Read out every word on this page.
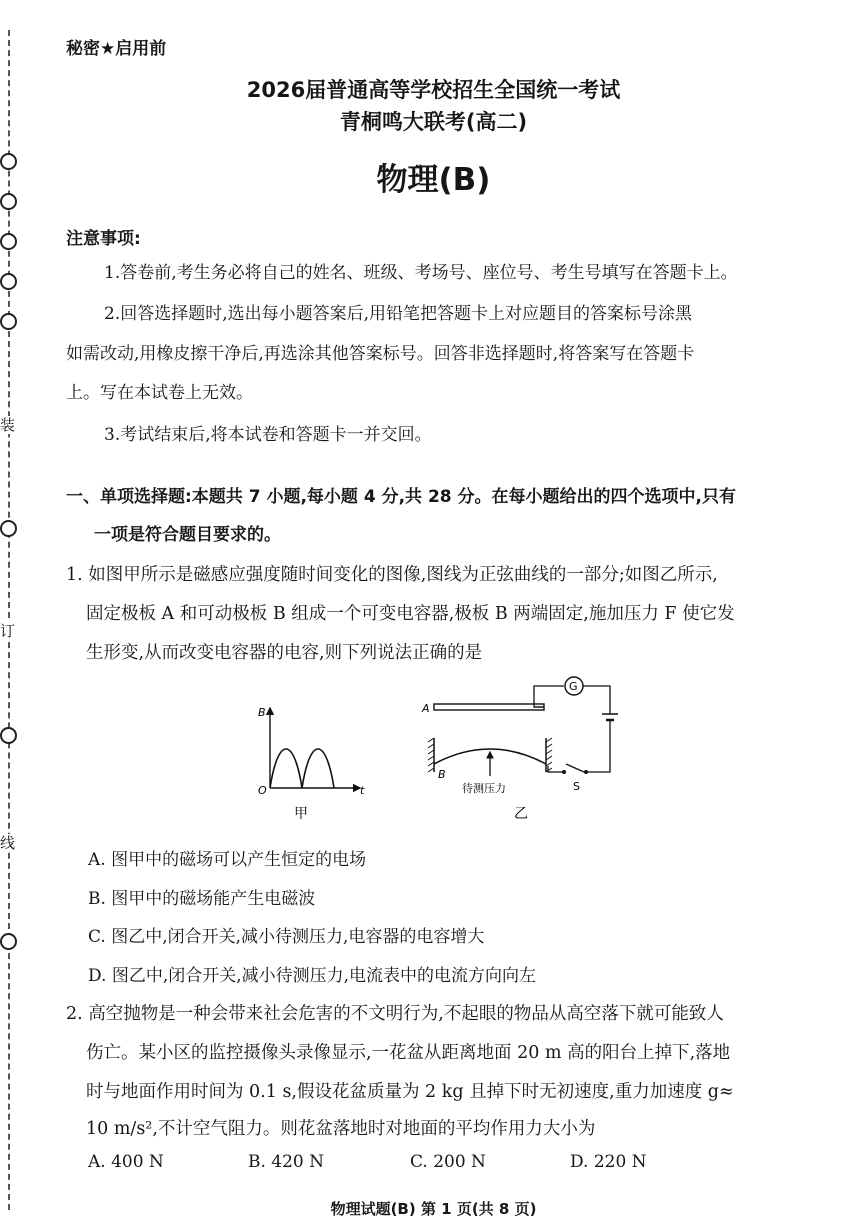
装
订
线
秘密★启用前
2026届普通高等学校招生全国统一考试
青桐鸣大联考(高二)
物理(B)
注意事项:
1.答卷前,考生务必将自己的姓名、班级、考场号、座位号、考生号填写在答题卡上。
2.回答选择题时,选出每小题答案后,用铅笔把答题卡上对应题目的答案标号涂黑
如需改动,用橡皮擦干净后,再选涂其他答案标号。回答非选择题时,将答案写在答题卡
上。写在本试卷上无效。
3.考试结束后,将本试卷和答题卡一并交回。
一、单项选择题:本题共 7 小题,每小题 4 分,共 28 分。在每小题给出的四个选项中,只有
一项是符合题目要求的。
1. 如图甲所示是磁感应强度随时间变化的图像,图线为正弦曲线的一部分;如图乙所示,
固定极板 A 和可动极板 B 组成一个可变电容器,极板 B 两端固定,施加压力 F 使它发
生形变,从而改变电容器的电容,则下列说法正确的是
B
t
O
甲
A
G
S
B
待测压力
乙
A. 图甲中的磁场可以产生恒定的电场
B. 图甲中的磁场能产生电磁波
C. 图乙中,闭合开关,减小待测压力,电容器的电容增大
D. 图乙中,闭合开关,减小待测压力,电流表中的电流方向向左
2. 高空抛物是一种会带来社会危害的不文明行为,不起眼的物品从高空落下就可能致人
伤亡。某小区的监控摄像头录像显示,一花盆从距离地面 20 m 高的阳台上掉下,落地
时与地面作用时间为 0.1 s,假设花盆质量为 2 kg 且掉下时无初速度,重力加速度 g≈
10 m/s²,不计空气阻力。则花盆落地时对地面的平均作用力大小为
A. 400 N	B. 420 N	C. 200 N	D. 220 N
物理试题(B) 第 1 页(共 8 页)
